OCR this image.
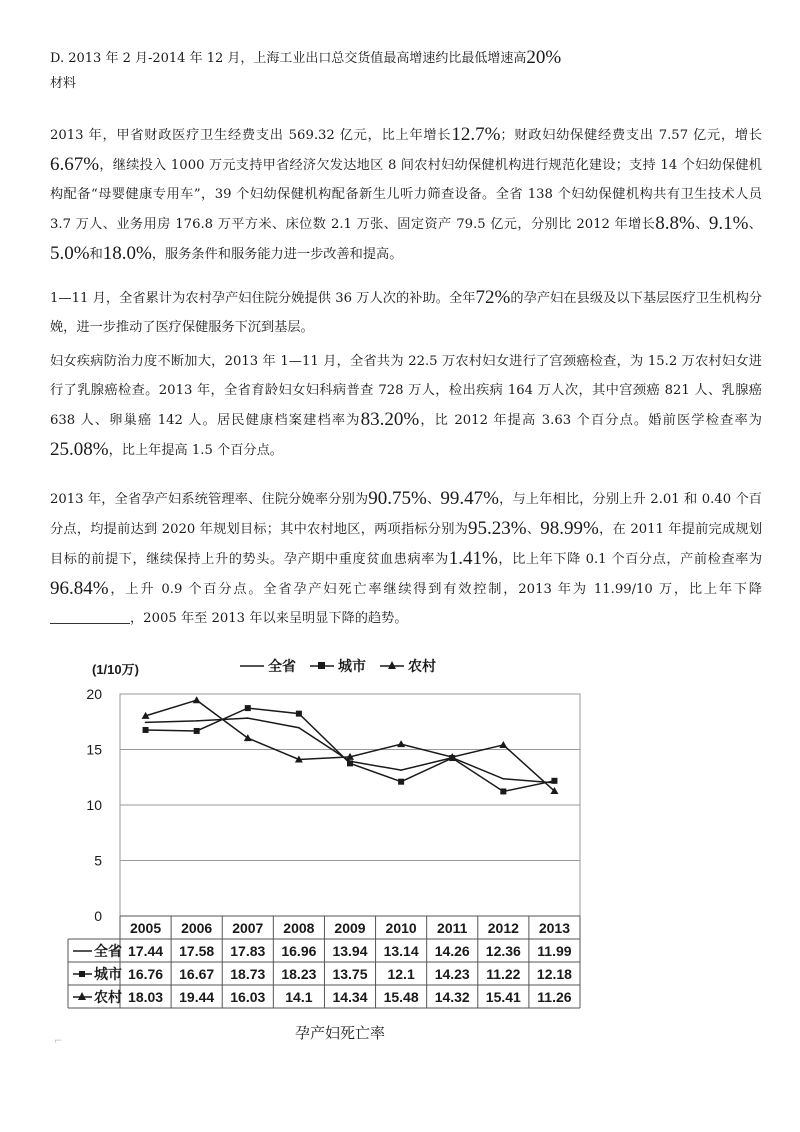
D. 2013 年 2 月-2014 年 12 月，上海工业出口总交货值最高增速约比最低增速高20%
材料
2013 年，甲省财政医疗卫生经费支出 569.32 亿元，比上年增长12.7%；财政妇幼保健经费支出 7.57 亿元，增长6.67%，继续投入 1000 万元支持甲省经济欠发达地区 8 间农村妇幼保健机构进行规范化建设；支持 14 个妇幼保健机构配备“母婴健康专用车”，39 个妇幼保健机构配备新生儿听力筛查设备。全省 138 个妇幼保健机构共有卫生技术人员 3.7 万人、业务用房 176.8 万平方米、床位数 2.1 万张、固定资产 79.5 亿元，分别比 2012 年增长8.8%、9.1%、5.0%和18.0%，服务条件和服务能力进一步改善和提高。
1—11 月，全省累计为农村孕产妇住院分娩提供 36 万人次的补助。全年72%的孕产妇在县级及以下基层医疗卫生机构分娩，进一步推动了医疗保健服务下沉到基层。
妇女疾病防治力度不断加大，2013 年 1—11 月，全省共为 22.5 万农村妇女进行了宫颈癌检查，为 15.2 万农村妇女进行了乳腺癌检查。2013 年，全省育龄妇女妇科病普查 728 万人，检出疾病 164 万人次，其中宫颈癌 821 人、乳腺癌 638 人、卵巢癌 142 人。居民健康档案建档率为83.20%，比 2012 年提高 3.63 个百分点。婚前医学检查率为25.08%，比上年提高 1.5 个百分点。
2013 年，全省孕产妇系统管理率、住院分娩率分别为90.75%、99.47%，与上年相比，分别上升 2.01 和 0.40 个百分点，均提前达到 2020 年规划目标；其中农村地区，两项指标分别为95.23%、98.99%，在 2011 年提前完成规划目标的前提下，继续保持上升的势头。孕产期中重度贫血患病率为1.41%，比上年下降 0.1 个百分点，产前检查率为96.84%，上升 0.9 个百分点。全省孕产妇死亡率继续得到有效控制，2013 年为 11.99/10 万，比上年下降，2005 年至 2013 年以来呈明显下降的趋势。
0
5
10
15
20
(1/10万)	全省	城市	农村
2005 2006 2007 2008 2009 2010 2011 2012 2013
全省 17.44 17.58 17.83 16.96 13.94 13.14 14.26 12.36 11.99
城市 16.76 16.67 18.73 18.23 13.75 12.1 14.23 11.22 12.18
农村 18.03 19.44 16.03 14.1 14.34 15.48 14.32 15.41 11.26
孕产妇死亡率
⌐
